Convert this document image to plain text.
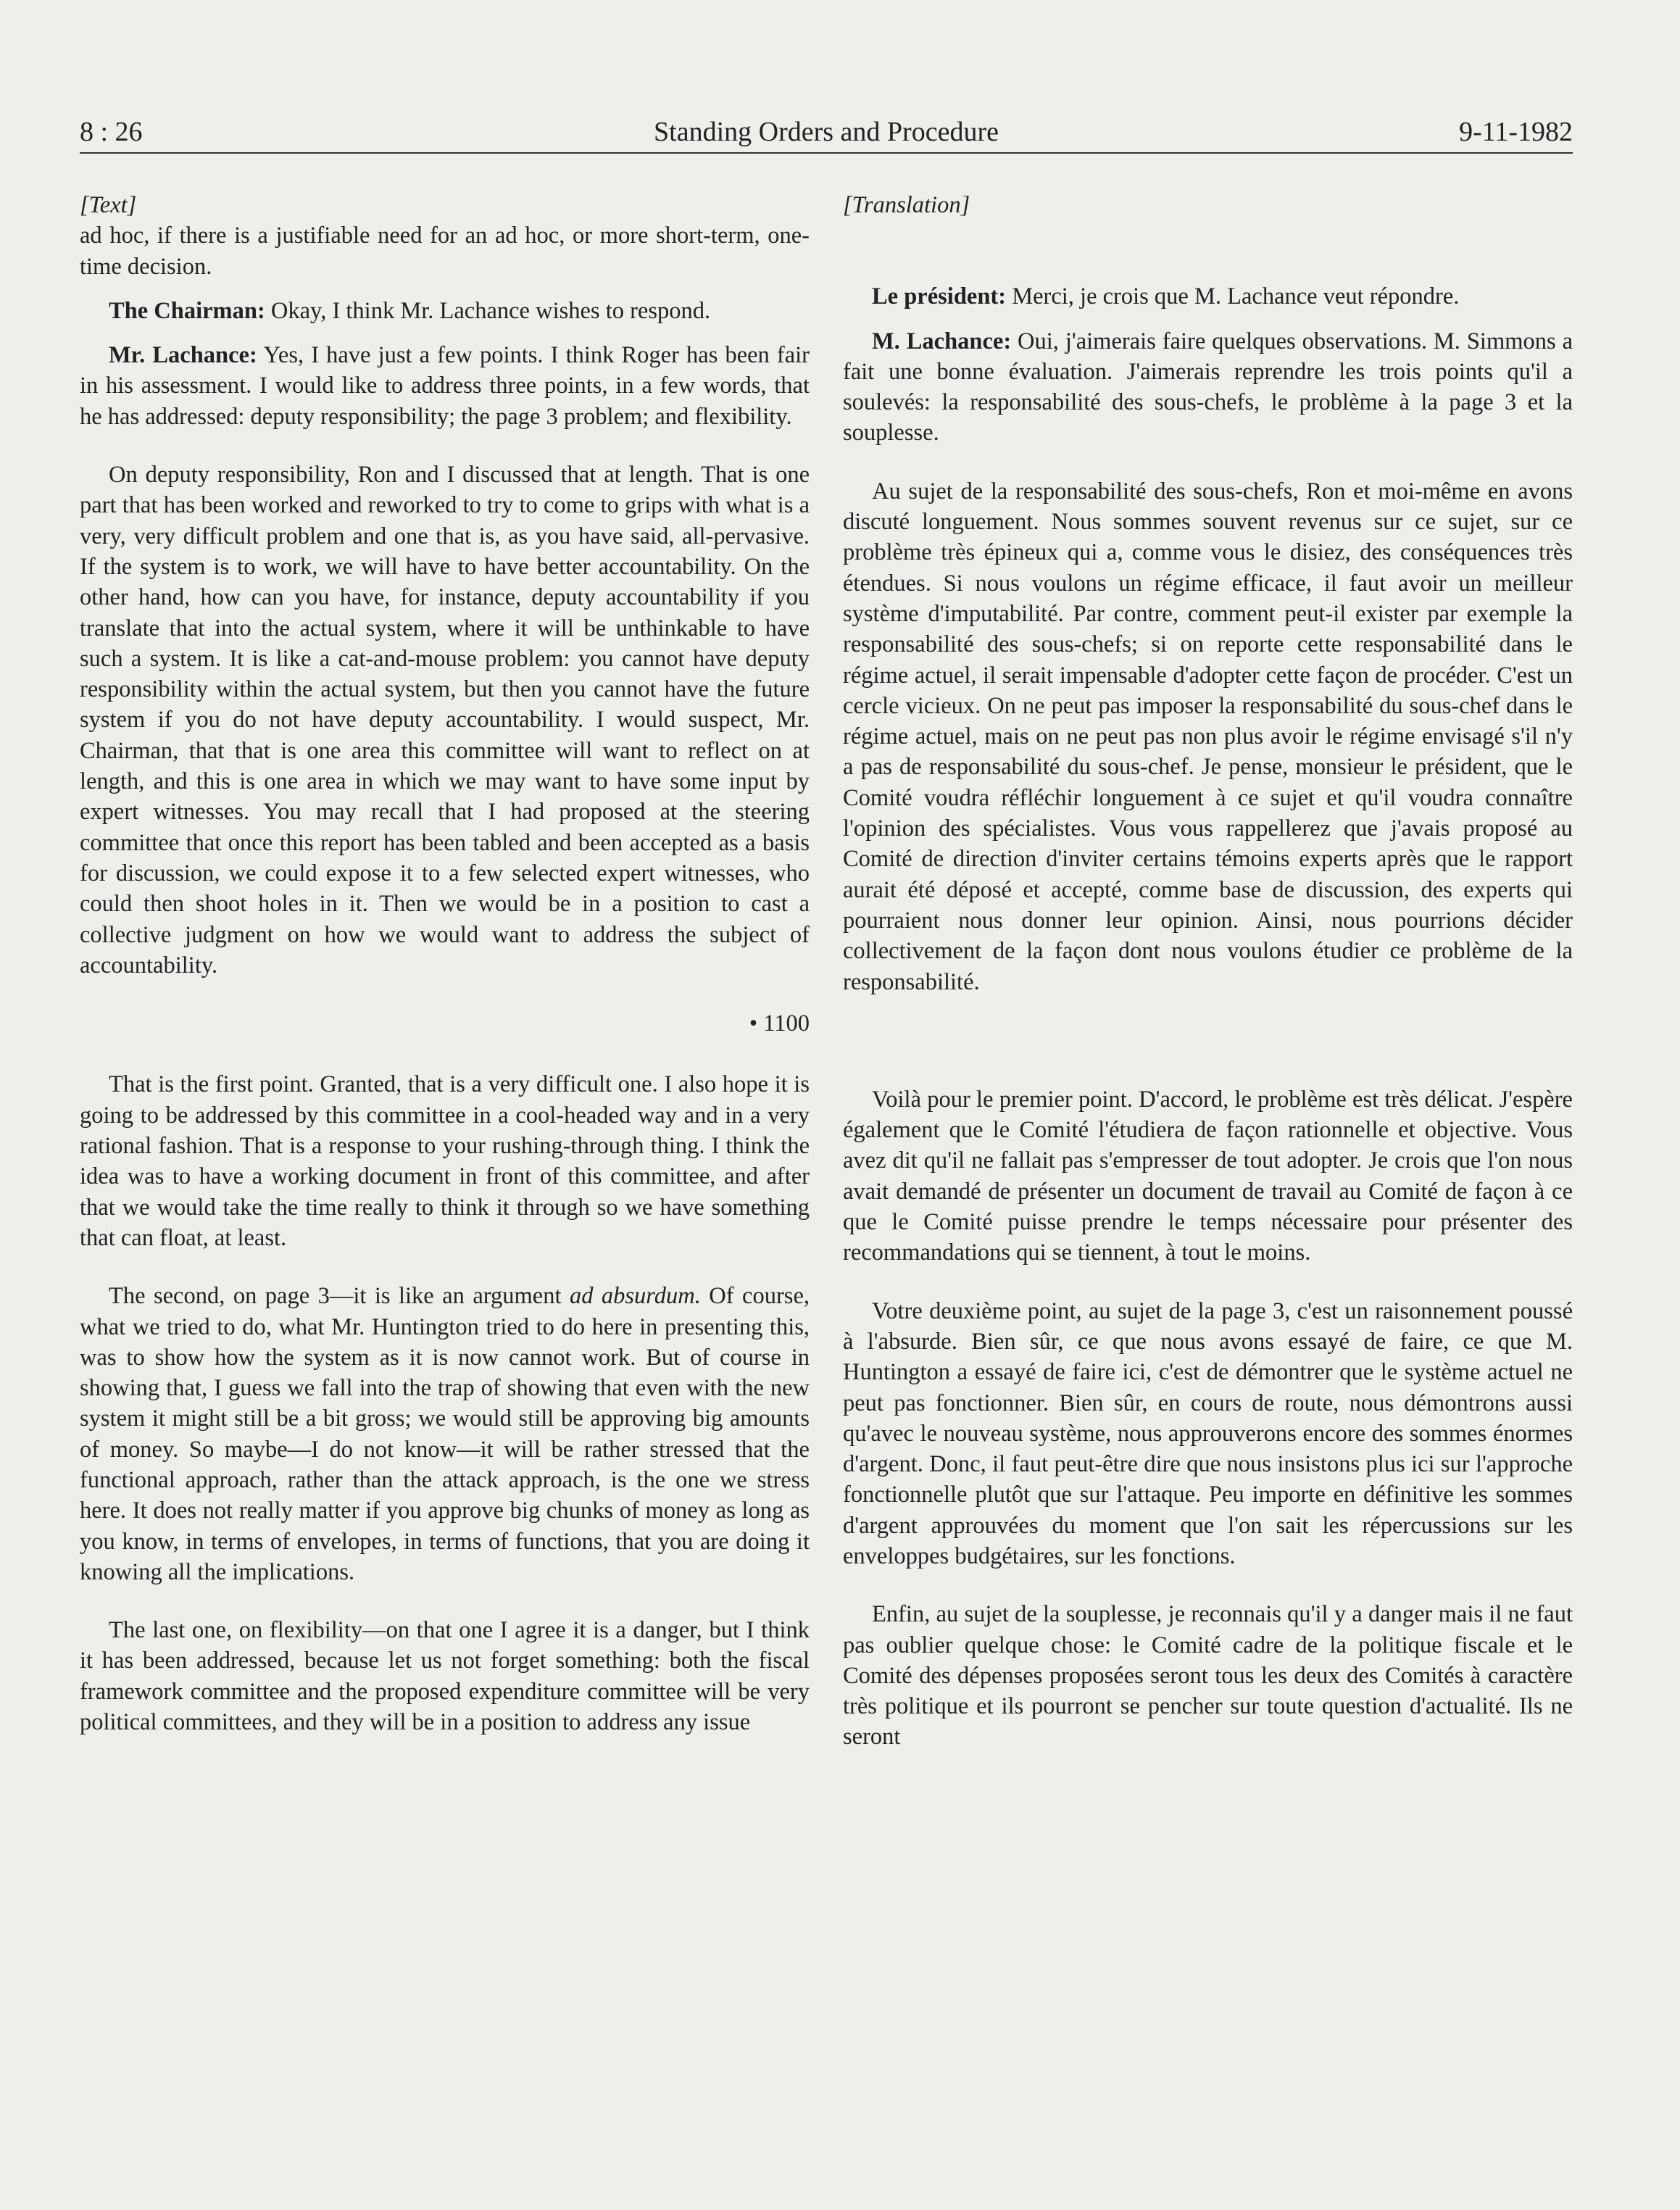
8 : 26	Standing Orders and Procedure	9-11-1982

[Text]

ad hoc, if there is a justifiable need for an ad hoc, or more short-term, one-time decision.

The Chairman: Okay, I think Mr. Lachance wishes to respond.

Mr. Lachance: Yes, I have just a few points. I think Roger has been fair in his assessment. I would like to address three points, in a few words, that he has addressed: deputy responsibility; the page 3 problem; and flexibility.

On deputy responsibility, Ron and I discussed that at length. That is one part that has been worked and reworked to try to come to grips with what is a very, very difficult problem and one that is, as you have said, all-pervasive. If the system is to work, we will have to have better accountability. On the other hand, how can you have, for instance, deputy accountability if you translate that into the actual system, where it will be unthinkable to have such a system. It is like a cat-and-mouse problem: you cannot have deputy responsibility within the actual system, but then you cannot have the future system if you do not have deputy accountability. I would suspect, Mr. Chairman, that that is one area this committee will want to reflect on at length, and this is one area in which we may want to have some input by expert witnesses. You may recall that I had proposed at the steering committee that once this report has been tabled and been accepted as a basis for discussion, we could expose it to a few selected expert witnesses, who could then shoot holes in it. Then we would be in a position to cast a collective judgment on how we would want to address the subject of accountability.

• 1100

That is the first point. Granted, that is a very difficult one. I also hope it is going to be addressed by this committee in a cool-headed way and in a very rational fashion. That is a response to your rushing-through thing. I think the idea was to have a working document in front of this committee, and after that we would take the time really to think it through so we have something that can float, at least.

The second, on page 3—it is like an argument ad absurdum. Of course, what we tried to do, what Mr. Huntington tried to do here in presenting this, was to show how the system as it is now cannot work. But of course in showing that, I guess we fall into the trap of showing that even with the new system it might still be a bit gross; we would still be approving big amounts of money. So maybe—I do not know—it will be rather stressed that the functional approach, rather than the attack approach, is the one we stress here. It does not really matter if you approve big chunks of money as long as you know, in terms of envelopes, in terms of functions, that you are doing it knowing all the implications.

The last one, on flexibility—on that one I agree it is a danger, but I think it has been addressed, because let us not forget something: both the fiscal framework committee and the proposed expenditure committee will be very political committees, and they will be in a position to address any issue

[Translation]

Le président: Merci, je crois que M. Lachance veut répondre.

M. Lachance: Oui, j'aimerais faire quelques observations. M. Simmons a fait une bonne évaluation. J'aimerais reprendre les trois points qu'il a soulevés: la responsabilité des sous-chefs, le problème à la page 3 et la souplesse.

Au sujet de la responsabilité des sous-chefs, Ron et moi-même en avons discuté longuement. Nous sommes souvent revenus sur ce sujet, sur ce problème très épineux qui a, comme vous le disiez, des conséquences très étendues. Si nous voulons un régime efficace, il faut avoir un meilleur système d'imputabilité. Par contre, comment peut-il exister par exemple la responsabilité des sous-chefs; si on reporte cette responsabilité dans le régime actuel, il serait impensable d'adopter cette façon de procéder. C'est un cercle vicieux. On ne peut pas imposer la responsabilité du sous-chef dans le régime actuel, mais on ne peut pas non plus avoir le régime envisagé s'il n'y a pas de responsabilité du sous-chef. Je pense, monsieur le président, que le Comité voudra réfléchir longuement à ce sujet et qu'il voudra connaître l'opinion des spécialistes. Vous vous rappellerez que j'avais proposé au Comité de direction d'inviter certains témoins experts après que le rapport aurait été déposé et accepté, comme base de discussion, des experts qui pourraient nous donner leur opinion. Ainsi, nous pourrions décider collectivement de la façon dont nous voulons étudier ce problème de la responsabilité.

Voilà pour le premier point. D'accord, le problème est très délicat. J'espère également que le Comité l'étudiera de façon rationnelle et objective. Vous avez dit qu'il ne fallait pas s'empresser de tout adopter. Je crois que l'on nous avait demandé de présenter un document de travail au Comité de façon à ce que le Comité puisse prendre le temps nécessaire pour présenter des recommandations qui se tiennent, à tout le moins.

Votre deuxième point, au sujet de la page 3, c'est un raisonnement poussé à l'absurde. Bien sûr, ce que nous avons essayé de faire, ce que M. Huntington a essayé de faire ici, c'est de démontrer que le système actuel ne peut pas fonctionner. Bien sûr, en cours de route, nous démontrons aussi qu'avec le nouveau système, nous approuverons encore des sommes énormes d'argent. Donc, il faut peut-être dire que nous insistons plus ici sur l'approche fonctionnelle plutôt que sur l'attaque. Peu importe en définitive les sommes d'argent approuvées du moment que l'on sait les répercussions sur les enveloppes budgétaires, sur les fonctions.

Enfin, au sujet de la souplesse, je reconnais qu'il y a danger mais il ne faut pas oublier quelque chose: le Comité cadre de la politique fiscale et le Comité des dépenses proposées seront tous les deux des Comités à caractère très politique et ils pourront se pencher sur toute question d'actualité. Ils ne seront
